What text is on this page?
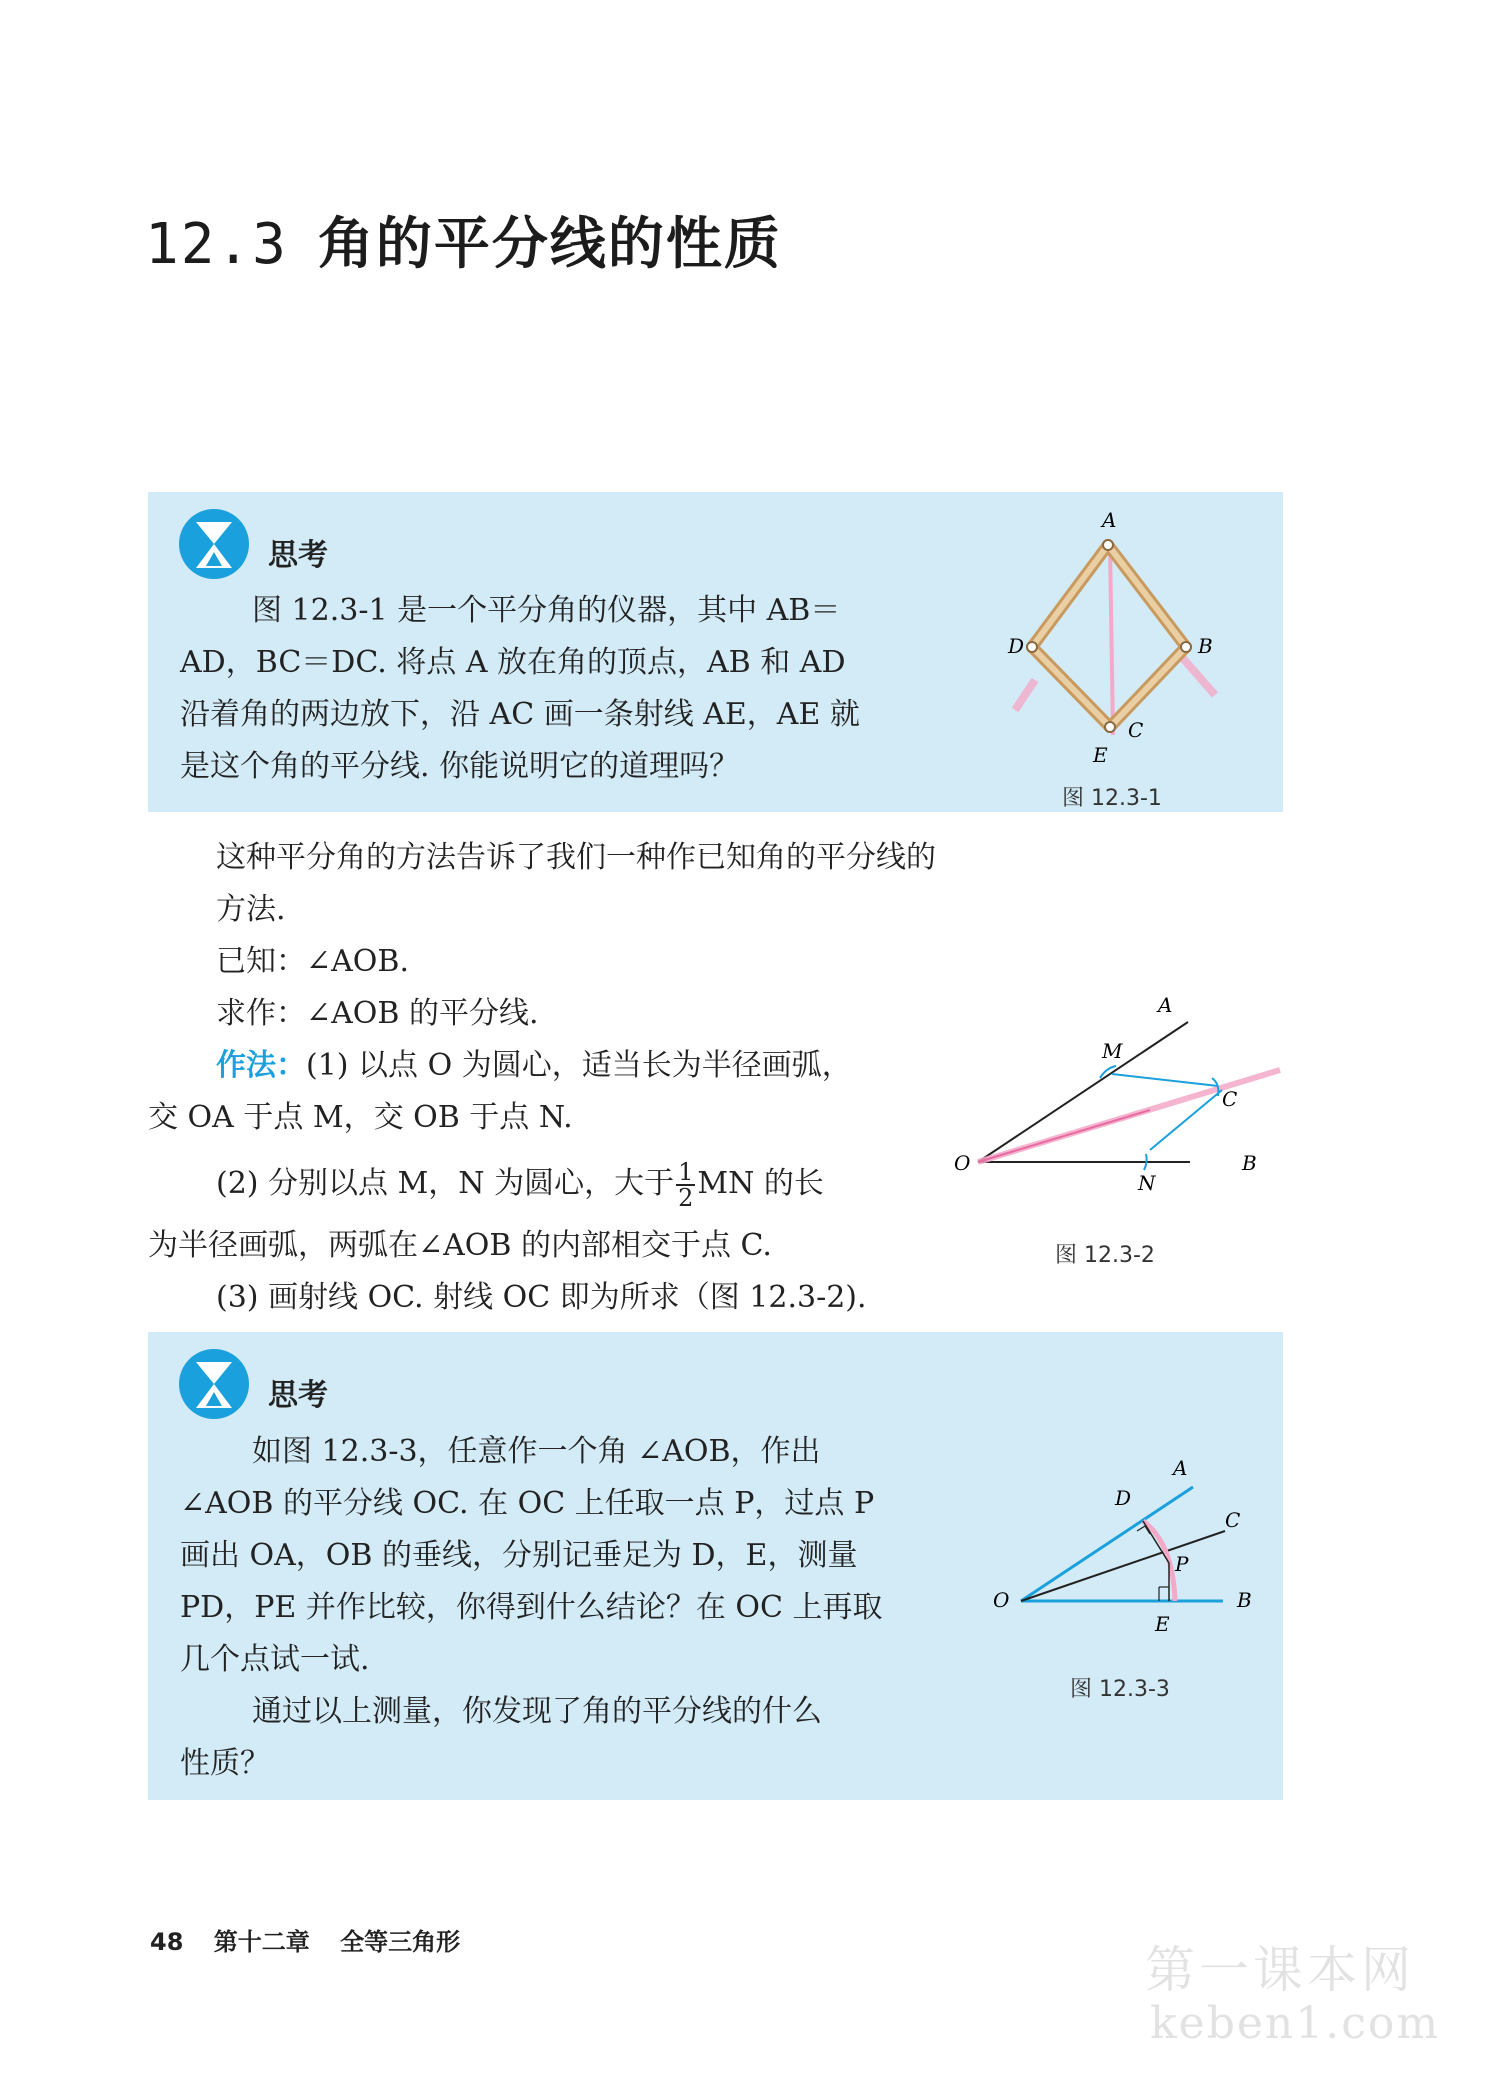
12.3 角的平分线的性质
思考

图 12.3-1 是一个平分角的仪器，其中 AB＝

AD，BC＝DC. 将点 A 放在角的顶点，AB 和 AD

沿着角的两边放下，沿 AC 画一条射线 AE，AE 就

是这个角的平分线. 你能说明它的道理吗？

A
D	B
C
E
图 12.3-1

这种平分角的方法告诉了我们一种作已知角的平分线的方法.

已知：∠AOB.

求作：∠AOB 的平分线.

作法：(1) 以点 O 为圆心，适当长为半径画弧，

交 OA 于点 M，交 OB 于点 N.

(2) 分别以点 M，N 为圆心，大于 $\frac{1}{2}$ MN 的长

为半径画弧，两弧在∠AOB 的内部相交于点 C.

(3) 画射线 OC. 射线 OC 即为所求（图 12.3-2).

A
M
C
O	B
N
图 12.3-2
思考

如图 12.3-3，任意作一个角 ∠AOB，作出

∠AOB 的平分线 OC. 在 OC 上任取一点 P，过点 P

画出 OA，OB 的垂线，分别记垂足为 D，E，测量

PD，PE 并作比较，你得到什么结论？在 OC 上再取

几个点试一试.

通过以上测量，你发现了角的平分线的什么

性质？

A
D
C
P
O	B
E
图 12.3-3
48 第十二章 全等三角形	第一课本网
keben1.com
